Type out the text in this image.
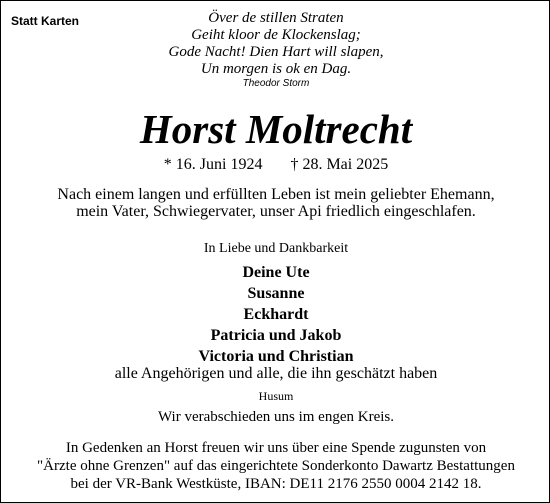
Statt Karten	Över de stillen Straten
Geiht kloor de Klockenslag;
Gode Nacht! Dien Hart will slapen,
Un morgen is ok en Dag.
Theodor Storm
Horst Moltrecht
* 16. Juni 1924 † 28. Mai 2025
Nach einem langen und erfüllten Leben ist mein geliebter Ehemann,
mein Vater, Schwiegervater, unser Api friedlich eingeschlafen.
In Liebe und Dankbarkeit
Deine Ute
Susanne
Eckhardt
Patricia und Jakob
Victoria und Christian
alle Angehörigen und alle, die ihn geschätzt haben
Husum
Wir verabschieden uns im engen Kreis.
In Gedenken an Horst freuen wir uns über eine Spende zugunsten von
"Ärzte ohne Grenzen" auf das eingerichtete Sonderkonto Dawartz Bestattungen
bei der VR-Bank Westküste, IBAN: DE11 2176 2550 0004 2142 18.
